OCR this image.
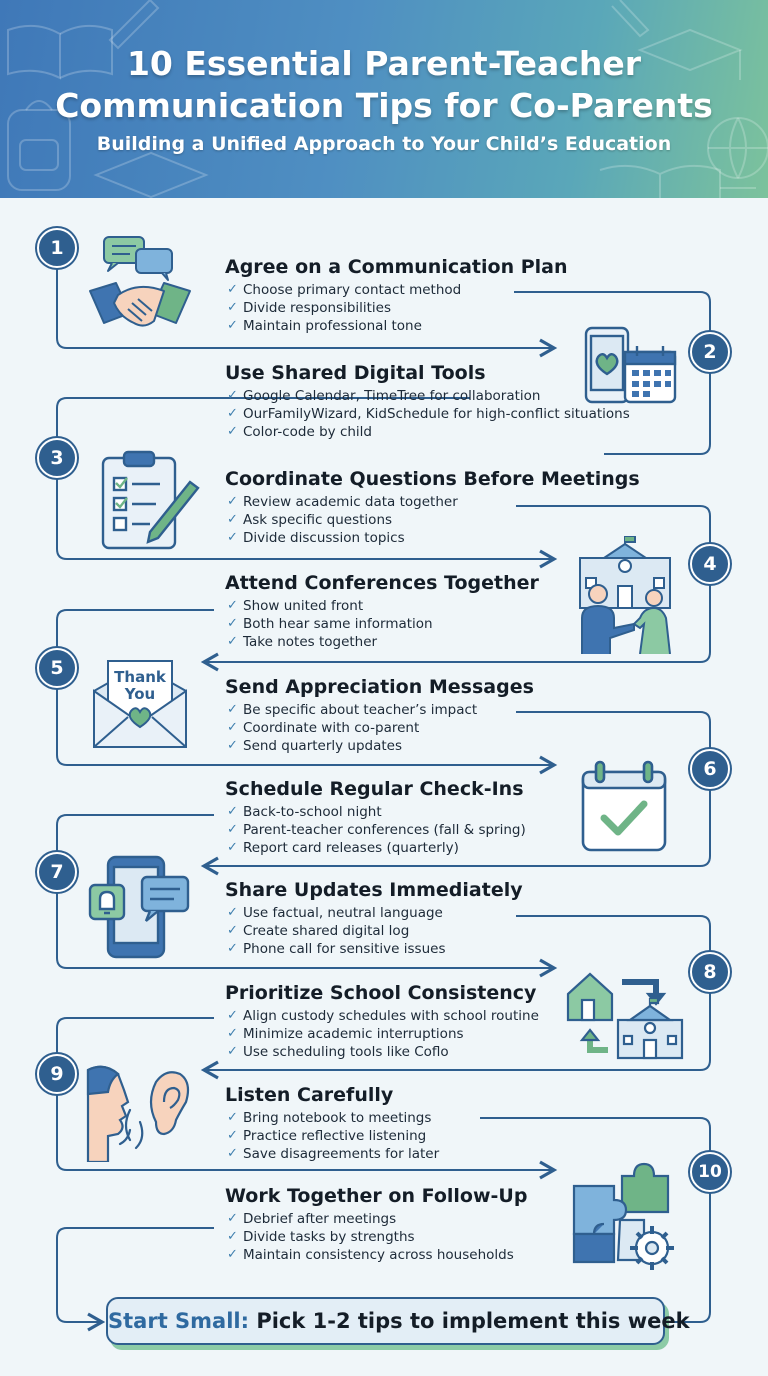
10 Essential Parent-Teacher
Communication Tips for Co-Parents
Building a Unified Approach to Your Child’s Education
1
2
3
4
5
6
7
8
9
10
Agree on a Communication Plan
✓ Choose primary contact method
✓ Divide responsibilities
✓ Maintain professional tone
Use Shared Digital Tools
✓ Google Calendar, TimeTree for collaboration
✓ OurFamilyWizard, KidSchedule for high-conflict situations
✓ Color-code by child
Coordinate Questions Before Meetings
✓ Review academic data together
✓ Ask specific questions
✓ Divide discussion topics
Attend Conferences Together
✓ Show united front
✓ Both hear same information
✓ Take notes together
Send Appreciation Messages
✓ Be specific about teacher’s impact
✓ Coordinate with co-parent
✓ Send quarterly updates
Schedule Regular Check-Ins
✓ Back-to-school night
✓ Parent-teacher conferences (fall & spring)
✓ Report card releases (quarterly)
Share Updates Immediately
✓ Use factual, neutral language
✓ Create shared digital log
✓ Phone call for sensitive issues
Prioritize School Consistency
✓ Align custody schedules with school routine
✓ Minimize academic interruptions
✓ Use scheduling tools like Coflo
Listen Carefully
✓ Bring notebook to meetings
✓ Practice reflective listening
✓ Save disagreements for later
Work Together on Follow-Up
✓ Debrief after meetings
✓ Divide tasks by strengths
✓ Maintain consistency across households
Thank
You
Start Small: Pick 1-2 tips to implement this week
